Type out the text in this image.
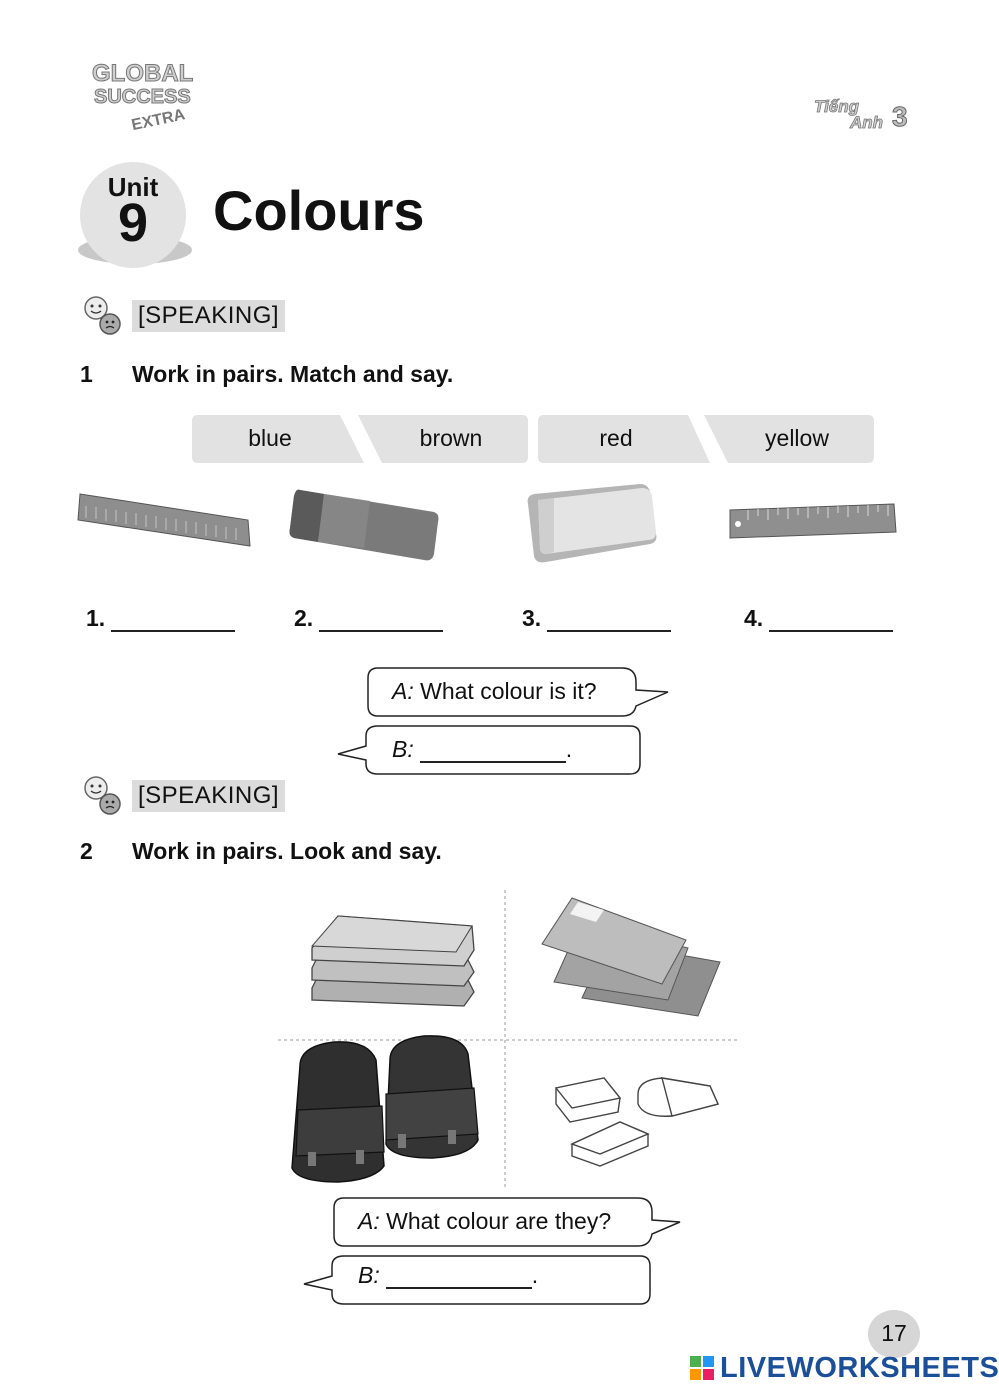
GLOBAL
SUCCESS
EXTRA	Tiếng
Anh 3
Unit
9	Colours
[SPEAKING]
1 Work in pairs. Match and say.
blue	brown	red	yellow
1.	2.	3.	4.
A: What colour is it?
B:	.
[SPEAKING]
2 Work in pairs. Look and say.
A: What colour are they?
B:	.
17
LIVEWORKSHEETS
